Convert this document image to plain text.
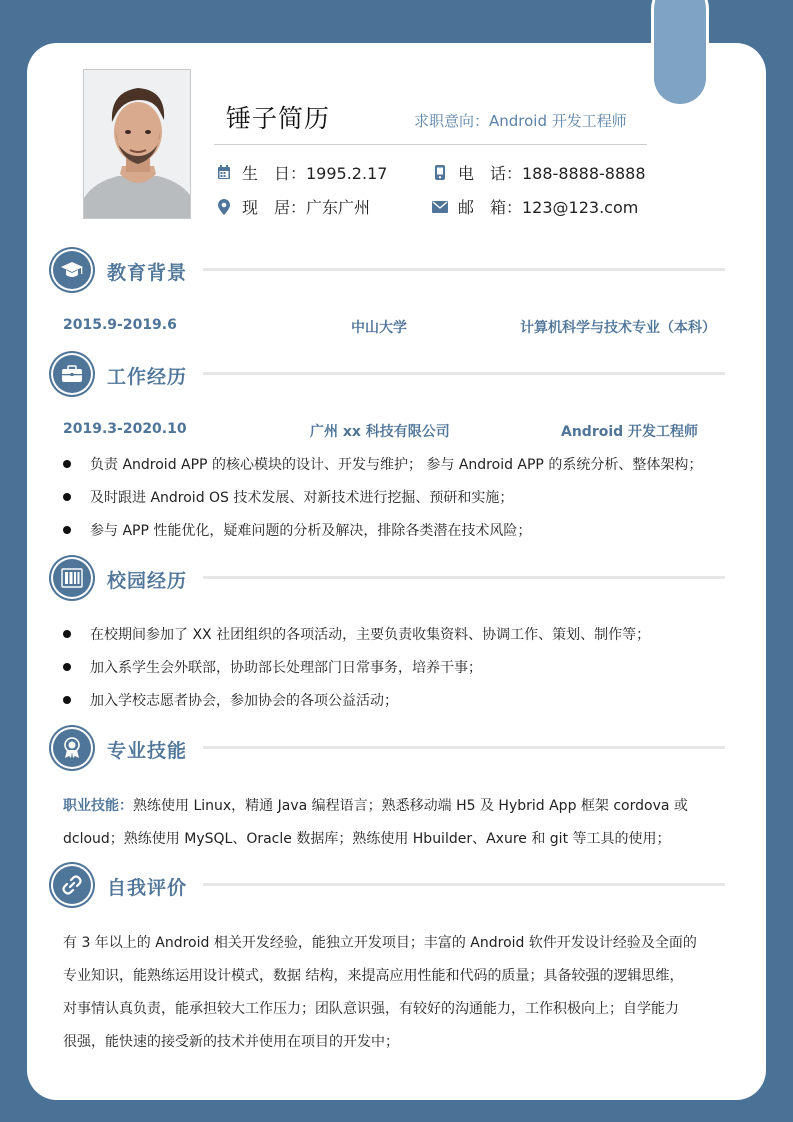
锤子简历	求职意向：Android 开发工程师
生　日：1995.2.17
现　居：广东广州
电　话：188-8888-8888
邮　箱：123@123.com
教育背景
2015.9-2019.6	中山大学	计算机科学与技术专业（本科）
工作经历
2019.3-2020.10	广州 xx 科技有限公司	Android 开发工程师
负责 Android APP 的核心模块的设计、开发与维护； 参与 Android APP 的系统分析、整体架构；
及时跟进 Android OS 技术发展、对新技术进行挖掘、预研和实施；
参与 APP 性能优化，疑难问题的分析及解决，排除各类潜在技术风险；
校园经历
在校期间参加了 XX 社团组织的各项活动，主要负责收集资料、协调工作、策划、制作等；
加入系学生会外联部，协助部长处理部门日常事务，培养干事；
加入学校志愿者协会，参加协会的各项公益活动；
专业技能
职业技能：熟练使用 Linux，精通 Java 编程语言；熟悉移动端 H5 及 Hybrid App 框架 cordova 或
dcloud；熟练使用 MySQL、Oracle 数据库；熟练使用 Hbuilder、Axure 和 git 等工具的使用；
自我评价
有 3 年以上的 Android 相关开发经验，能独立开发项目；丰富的 Android 软件开发设计经验及全面的
专业知识，能熟练运用设计模式，数据 结构，来提高应用性能和代码的质量；具备较强的逻辑思维，
对事情认真负责，能承担较大工作压力；团队意识强，有较好的沟通能力，工作积极向上；自学能力
很强，能快速的接受新的技术并使用在项目的开发中；
